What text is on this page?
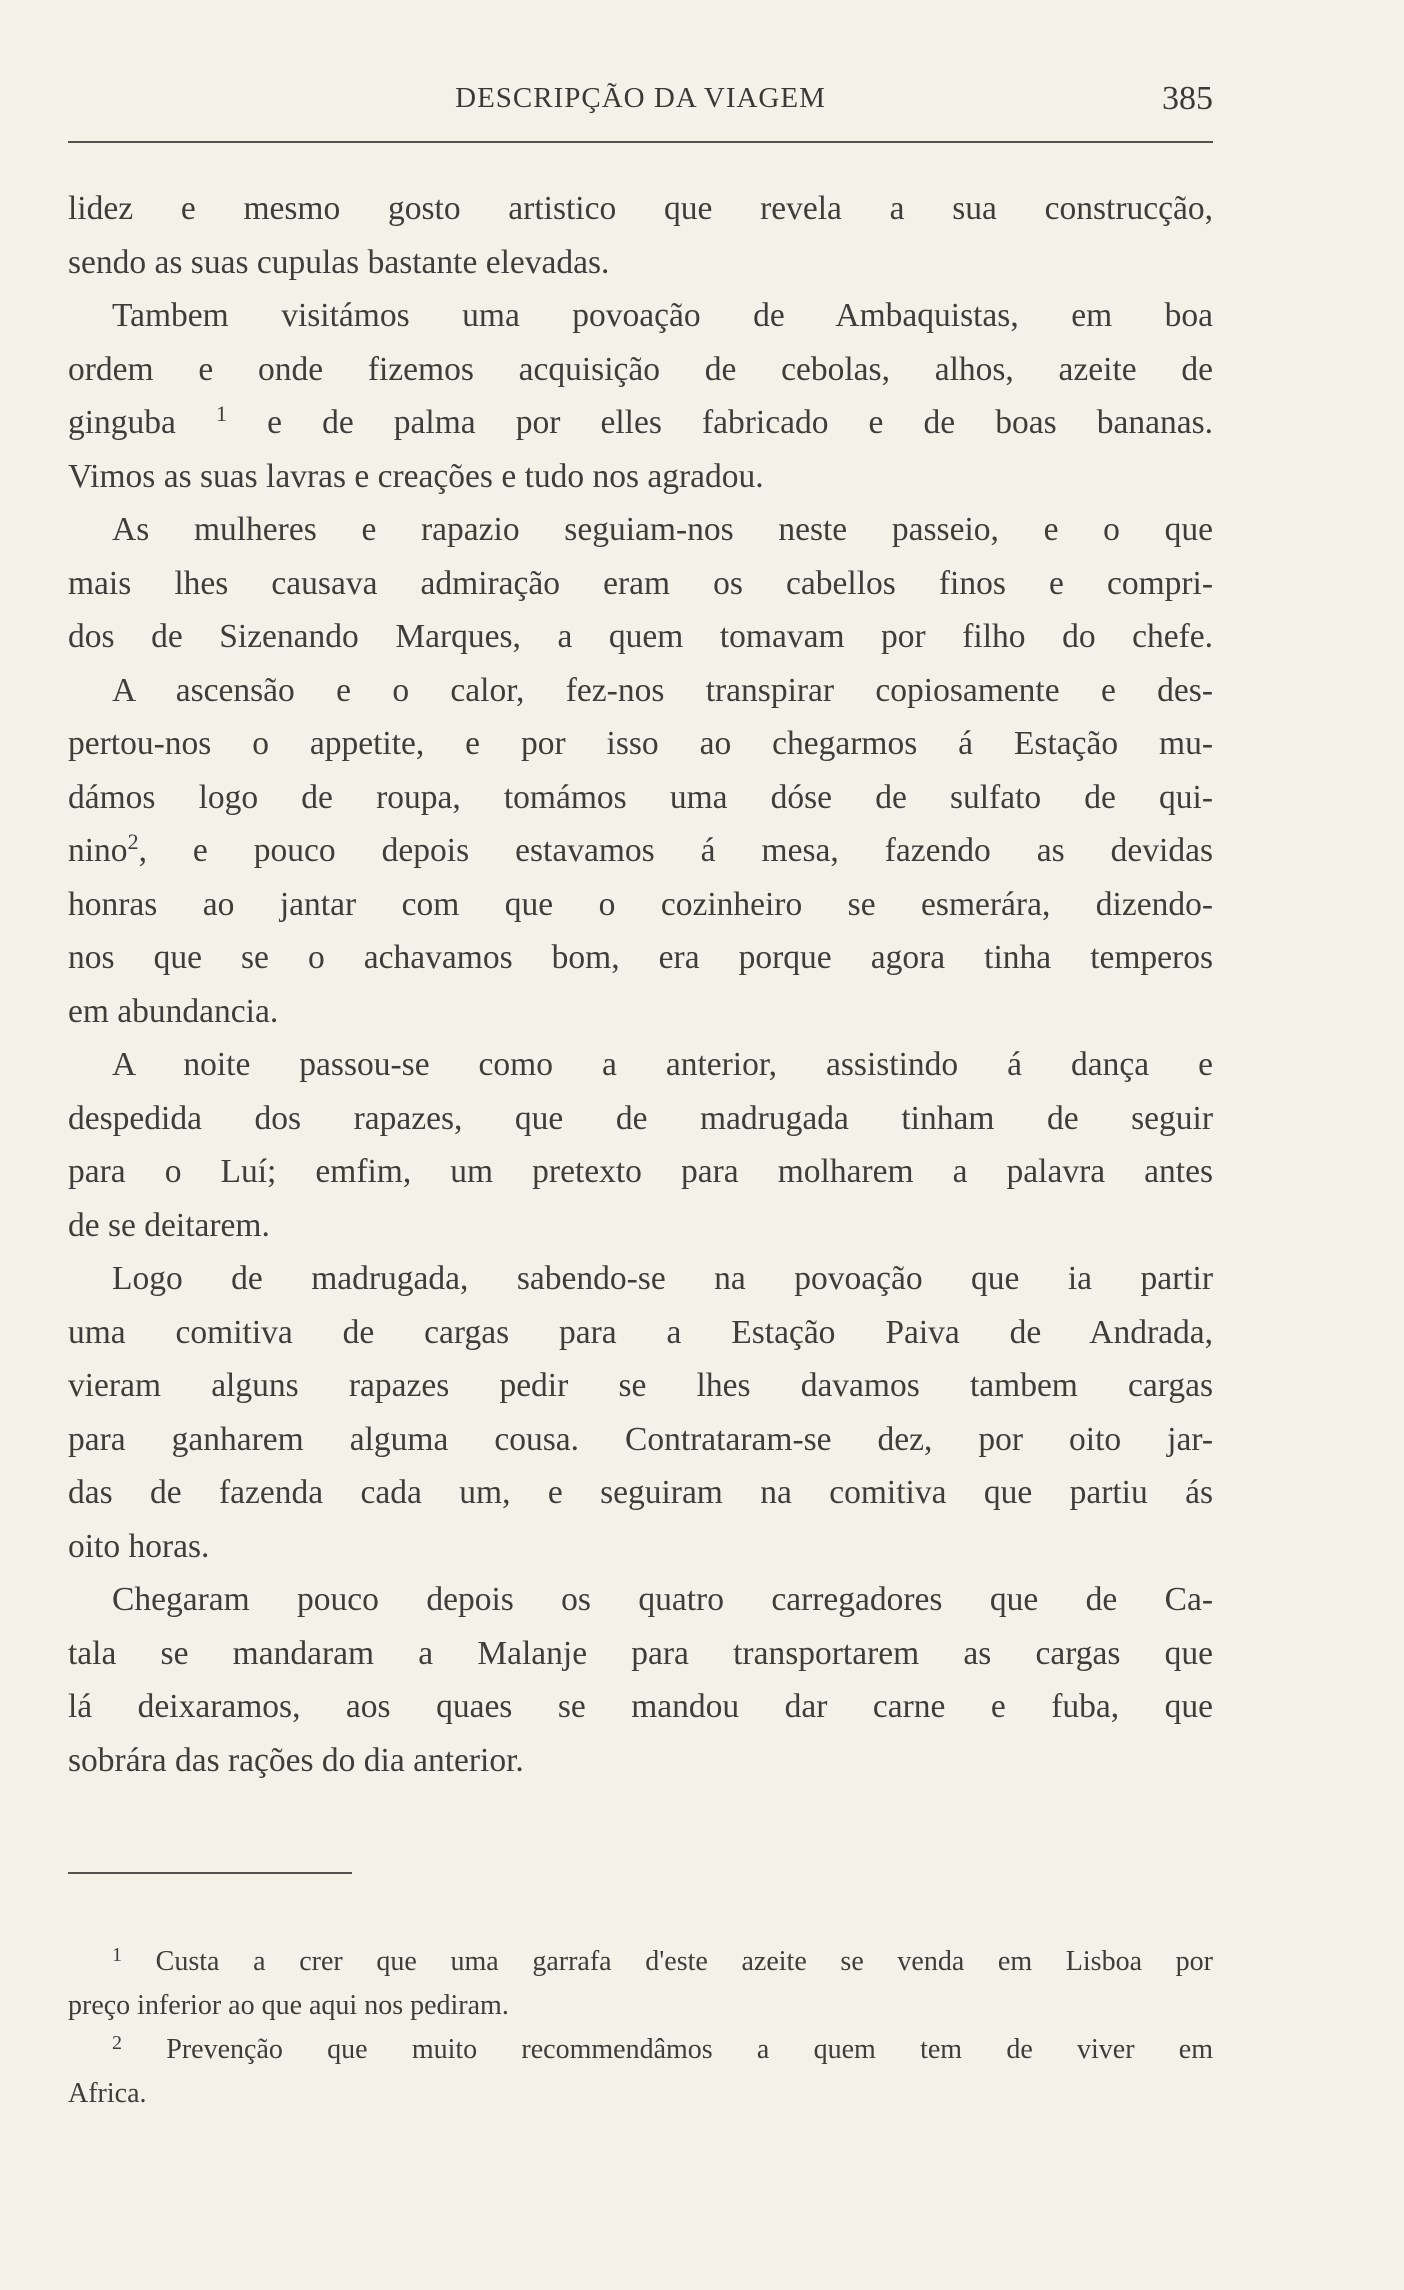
DESCRIPÇÃO DA VIAGEM	385
lidez e mesmo gosto artistico que revela a sua construcção,
sendo as suas cupulas bastante elevadas.
Tambem visitámos uma povoação de Ambaquistas, em boa
ordem e onde fizemos acquisição de cebolas, alhos, azeite de
ginguba $^1$ e de palma por elles fabricado e de boas bananas.
Vimos as suas lavras e creações e tudo nos agradou.
As mulheres e rapazio seguiam-nos neste passeio, e o que
mais lhes causava admiração eram os cabellos finos e compri-
dos de Sizenando Marques, a quem tomavam por filho do chefe.
A ascensão e o calor, fez-nos transpirar copiosamente e des-
pertou-nos o appetite, e por isso ao chegarmos á Estação mu-
dámos logo de roupa, tomámos uma dóse de sulfato de qui-
nino$^2$, e pouco depois estavamos á mesa, fazendo as devidas
honras ao jantar com que o cozinheiro se esmerára, dizendo-
nos que se o achavamos bom, era porque agora tinha temperos
em abundancia.
A noite passou-se como a anterior, assistindo á dança e
despedida dos rapazes, que de madrugada tinham de seguir
para o Luí; emfim, um pretexto para molharem a palavra antes
de se deitarem.
Logo de madrugada, sabendo-se na povoação que ia partir
uma comitiva de cargas para a Estação Paiva de Andrada,
vieram alguns rapazes pedir se lhes davamos tambem cargas
para ganharem alguma cousa. Contrataram-se dez, por oito jar-
das de fazenda cada um, e seguiram na comitiva que partiu ás
oito horas.
Chegaram pouco depois os quatro carregadores que de Ca-
tala se mandaram a Malanje para transportarem as cargas que
lá deixaramos, aos quaes se mandou dar carne e fuba, que
sobrára das rações do dia anterior.
$^1$ Custa a crer que uma garrafa d'este azeite se venda em Lisboa por
preço inferior ao que aqui nos pediram.
$^2$ Prevenção que muito recommendâmos a quem tem de viver em
Africa.
